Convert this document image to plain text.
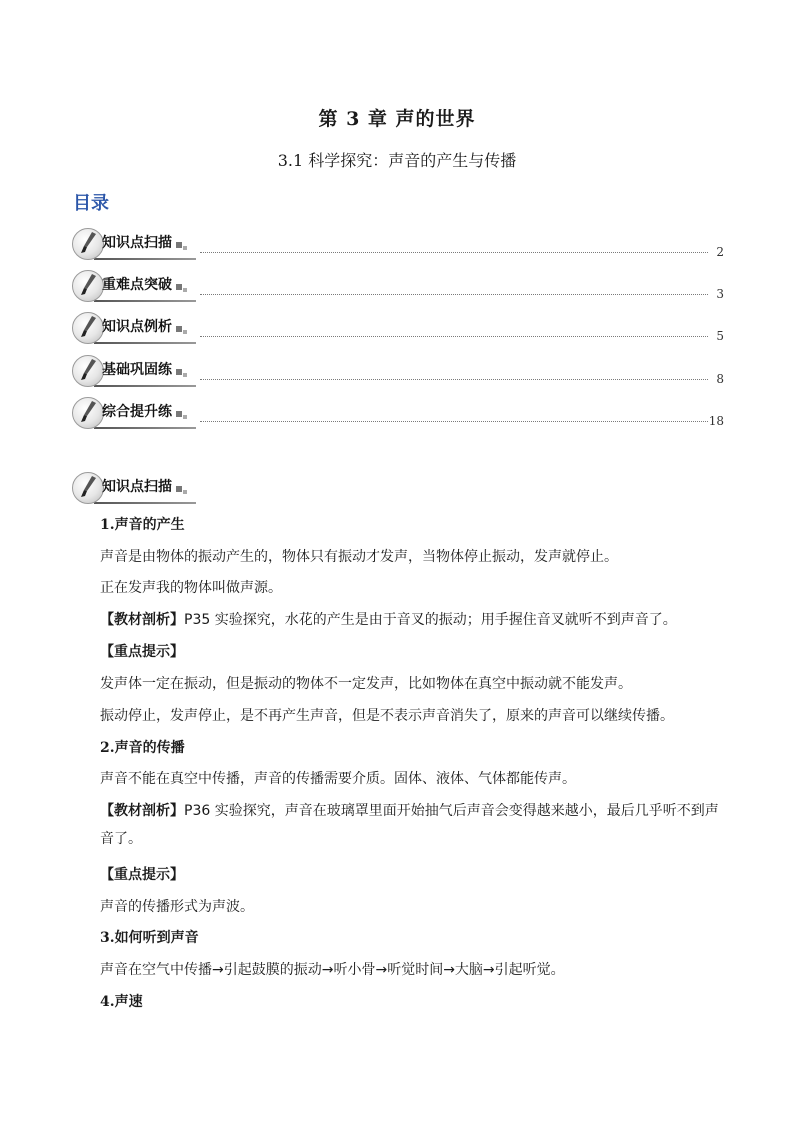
第 3 章 声的世界
3.1 科学探究：声音的产生与传播
目录
知识点扫描
2
重难点突破
3
知识点例析
5
基础巩固练
8
综合提升练
18
知识点扫描
1.声音的产生
声音是由物体的振动产生的，物体只有振动才发声，当物体停止振动，发声就停止。
正在发声我的物体叫做声源。
【教材剖析】P35 实验探究，水花的产生是由于音叉的振动；用手握住音叉就听不到声音了。
【重点提示】
发声体一定在振动，但是振动的物体不一定发声，比如物体在真空中振动就不能发声。
振动停止，发声停止，是不再产生声音，但是不表示声音消失了，原来的声音可以继续传播。
2.声音的传播
声音不能在真空中传播，声音的传播需要介质。固体、液体、气体都能传声。
【教材剖析】P36 实验探究，声音在玻璃罩里面开始抽气后声音会变得越来越小，最后几乎听不到声音了。
【重点提示】
声音的传播形式为声波。
3.如何听到声音
声音在空气中传播→引起鼓膜的振动→听小骨→听觉时间→大脑→引起听觉。
4.声速
